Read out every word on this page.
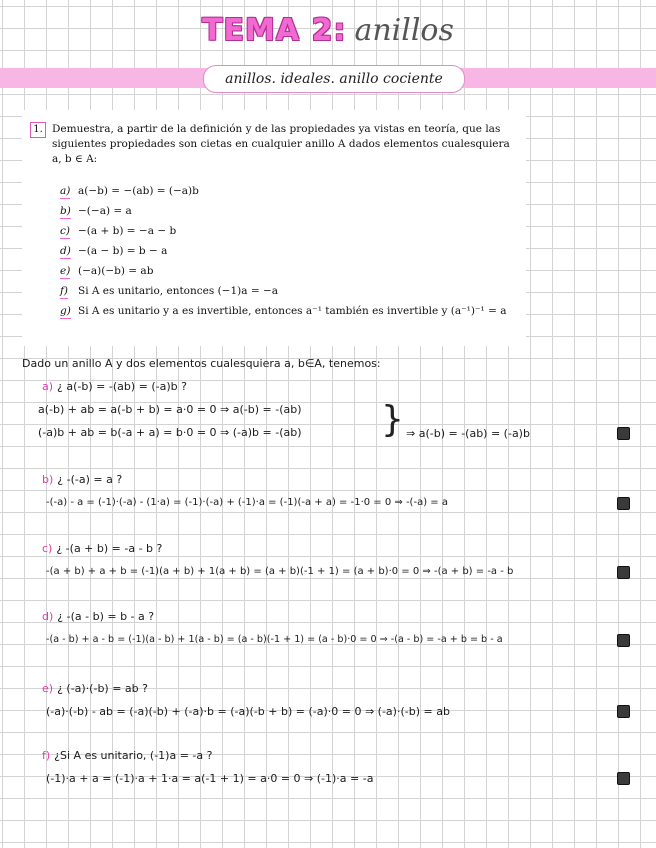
TEMA 2: anillos
anillos. ideales. anillo cociente
1. Demuestra, a partir de la definición y de las propiedades ya vistas en teoría, que las siguientes propiedades son cietas en cualquier anillo A dados elementos cualesquiera a, b ∈ A:
a) a(−b) = −(ab) = (−a)b
b) −(−a) = a
c) −(a + b) = −a − b
d) −(a − b) = b − a
e) (−a)(−b) = ab
f) Si A es unitario, entonces (−1)a = −a
g) Si A es unitario y a es invertible, entonces a⁻¹ también es invertible y (a⁻¹)⁻¹ = a
Dado un anillo A y dos elementos cualesquiera a, b∈A, tenemos:
a) ¿ a(-b) = -(ab) = (-a)b ?
a(-b) + ab = a(-b + b) = a·0 = 0 ⇒ a(-b) = -(ab)
(-a)b + ab = b(-a + a) = b·0 = 0 ⇒ (-a)b = -(ab) } ⇒ a(-b) = -(ab) = (-a)b
b) ¿ -(-a) = a ?
-(-a) - a = (-1)·(-a) - (1·a) = (-1)·(-a) + (-1)·a = (-1)(-a + a) = -1·0 = 0 ⇒ -(-a) = a
c) ¿ -(a + b) = -a - b ?
-(a + b) + a + b = (-1)(a + b) + 1(a + b) = (a + b)(-1 + 1) = (a + b)·0 = 0 ⇒ -(a + b) = -a - b
d) ¿ -(a - b) = b - a ?
-(a - b) + a - b = (-1)(a - b) + 1(a - b) = (a - b)(-1 + 1) = (a - b)·0 = 0 ⇒ -(a - b) = -a + b = b - a
e) ¿ (-a)·(-b) = ab ?
(-a)·(-b) - ab = (-a)(-b) + (-a)·b = (-a)(-b + b) = (-a)·0 = 0 ⇒ (-a)·(-b) = ab
f) ¿Si A es unitario, (-1)a = -a ?
(-1)·a + a = (-1)·a + 1·a = a(-1 + 1) = a·0 = 0 ⇒ (-1)·a = -a
